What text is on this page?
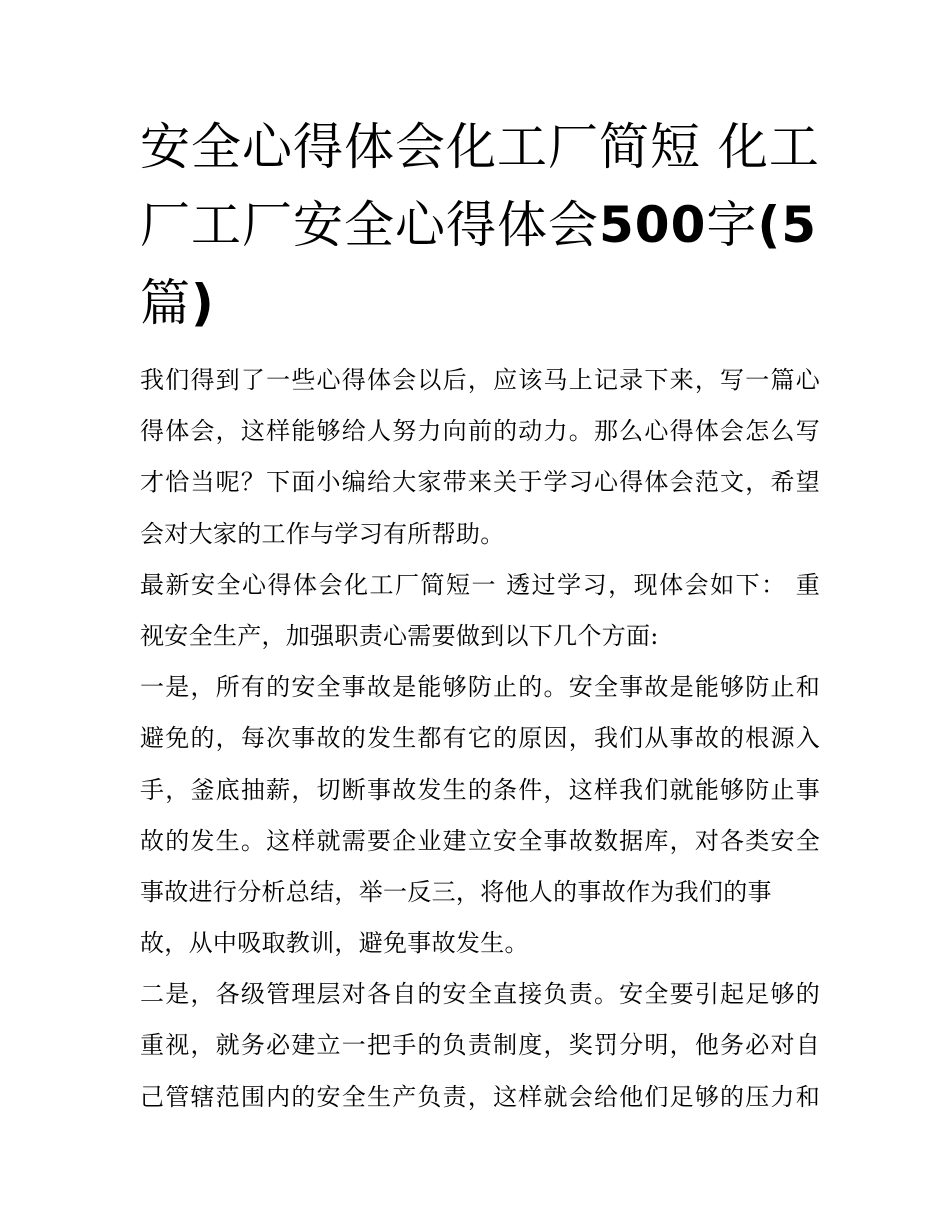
安全心得体会化工厂简短 化工
厂工厂安全心得体会500字(5
篇)
我们得到了一些心得体会以后，应该马上记录下来，写一篇心
得体会，这样能够给人努力向前的动力。那么心得体会怎么写
才恰当呢？下面小编给大家带来关于学习心得体会范文，希望
会对大家的工作与学习有所帮助。
最新安全心得体会化工厂简短一 透过学习，现体会如下： 重
视安全生产，加强职责心需要做到以下几个方面:
一是，所有的安全事故是能够防止的。安全事故是能够防止和
避免的，每次事故的发生都有它的原因，我们从事故的根源入
手，釜底抽薪，切断事故发生的条件，这样我们就能够防止事
故的发生。这样就需要企业建立安全事故数据库，对各类安全
事故进行分析总结，举一反三，将他人的事故作为我们的事
故，从中吸取教训，避免事故发生。
二是，各级管理层对各自的安全直接负责。安全要引起足够的
重视，就务必建立一把手的负责制度，奖罚分明，他务必对自
己管辖范围内的安全生产负责，这样就会给他们足够的压力和
